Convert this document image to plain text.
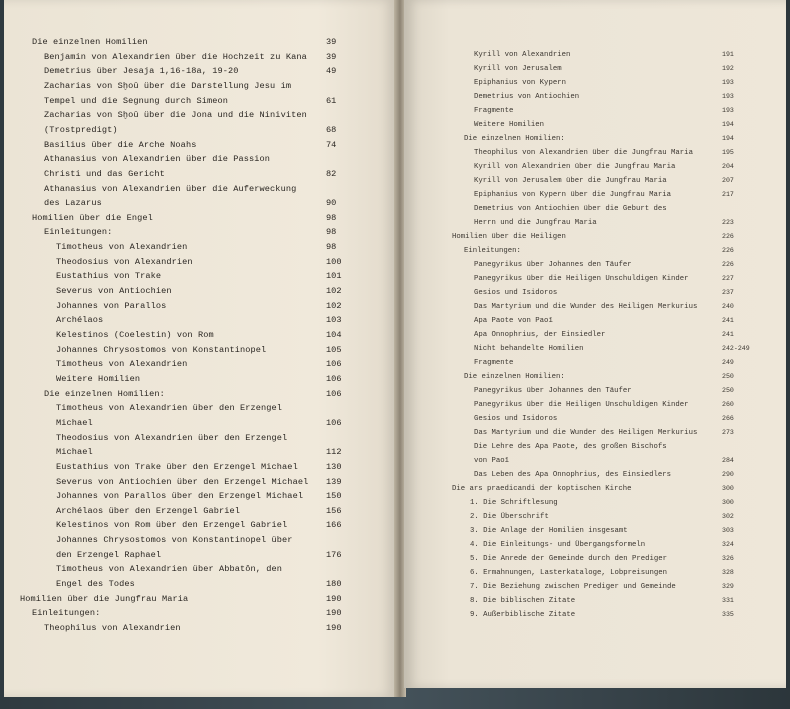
Die einzelnen Homilien	39
Benjamin von Alexandrien über die Hochzeit zu Kana 39
Demetrius über Jesaja 1,16-18a, 19-20	49
Zacharias von Sḫoū über die Darstellung Jesu im
Tempel und die Segnung durch Simeon	61
Zacharias von Sḫoū über die Jona und die Niniviten
(Trostpredigt)	68
Basilius über die Arche Noahs	74
Athanasius von Alexandrien über die Passion
Christi und das Gericht	82
Athanasius von Alexandrien über die Auferweckung
des Lazarus	90
Homilien über die Engel	98
Einleitungen:	98
Timotheus von Alexandrien	98
Theodosius von Alexandrien	100
Eustathius von Trake	101
Severus von Antiochien	102
Johannes von Parallos	102
Archélaos	103
Kelestinos (Coelestin) von Rom	104
Johannes Chrysostomos von Konstantinopel	105
Timotheus von Alexandrien	106
Weitere Homilien	106
Die einzelnen Homilien:	106
Timotheus von Alexandrien über den Erzengel
Michael	106
Theodosius von Alexandrien über den Erzengel
Michael	112
Eustathius von Trake über den Erzengel Michael	130
Severus von Antiochien über den Erzengel Michael 139
Johannes von Parallos über den Erzengel Michael	150
Archélaos über den Erzengel Gabriel	156
Kelestinos von Rom über den Erzengel Gabriel	166
Johannes Chrysostomos von Konstantinopel über
den Erzengel Raphael	176
Timotheus von Alexandrien über Abbatôn, den
Engel des Todes	180
Homilien über die Jungfrau Maria	190
Einleitungen:	190
Theophilus von Alexandrien	190
Kyrill von Alexandrien	191
Kyrill von Jerusalem	192
Epiphanius von Kypern	193
Demetrius von Antiochien	193
Fragmente	193
Weitere Homilien	194
Die einzelnen Homilien:	194
Theophilus von Alexandrien über die Jungfrau Maria	195
Kyrill von Alexandrien über die Jungfrau Maria	204
Kyrill von Jerusalem über die Jungfrau Maria	207
Epiphanius von Kypern über die Jungfrau Maria	217
Demetrius von Antiochien über die Geburt des
Herrn und die Jungfrau Maria	223
Homilien über die Heiligen	226
Einleitungen:	226
Panegyrikus über Johannes den Täufer	226
Panegyrikus über die Heiligen Unschuldigen Kinder	227
Gesios und Isidoros	237
Das Martyrium und die Wunder des Heiligen Merkurius	240
Apa Paote von Paoī	241
Apa Onnophrius, der Einsiedler	241
Nicht behandelte Homilien	242-249
Fragmente	249
Die einzelnen Homilien:	250
Panegyrikus über Johannes den Täufer	250
Panegyrikus über die Heiligen Unschuldigen Kinder	260
Gesios und Isidoros	266
Das Martyrium und die Wunder des Heiligen Merkurius	273
Die Lehre des Apa Paote, des großen Bischofs
von Paoī	284
Das Leben des Apa Onnophrius, des Einsiedlers	290
Die ars praedicandi der koptischen Kirche	300
1. Die Schriftlesung	300
2. Die Überschrift	302
3. Die Anlage der Homilien insgesamt	303
4. Die Einleitungs- und Übergangsformeln	324
5. Die Anrede der Gemeinde durch den Prediger	326
6. Ermahnungen, Lasterkataloge, Lobpreisungen	328
7. Die Beziehung zwischen Prediger und Gemeinde	329
8. Die biblischen Zitate	331
9. Außerbiblische Zitate	335
